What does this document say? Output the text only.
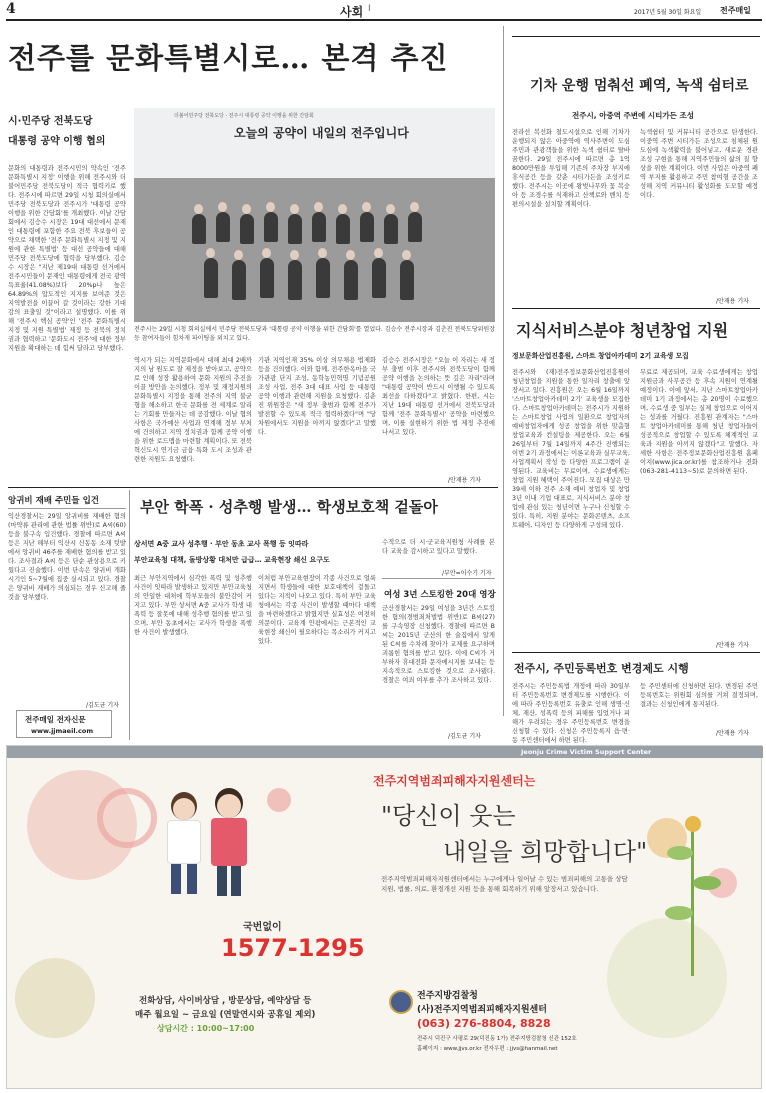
4	사회 I	2017년 5월 30일 화요일 전주매일
전주를 문화특별시로… 본격 추진
시·민주당 전북도당
대통령 공약 이행 협의
더불어민주당 전북도당 · 전주시 대통령 공약 이행을 위한 간담회
오늘의 공약이 내일의 전주입니다
전주시는 29일 시청 회의실에서 민주당 전북도당과 '대통령 공약 이행을 위한 간담회'를 열었다. 김승수 전주시장과 김춘진 전북도당위원장 등 참여자들이 힘차게 파이팅을 외치고 있다.
문화의 대통령과 전주시민의 약속인 '전주 문화특별시 지정' 이행을 위해 전주시와 더불어민주당 전북도당이 적극 협력키로 했다. 전주시에 따르면 29일 시청 회의실에서 민주당 전북도당과 전주시가 '대통령 공약 이행을 위한 간담회'를 개최했다. 이날 간담회에서 김승수 시장은 19대 대선에서 문재인 대통령에 포함한 주요 전북 후보들이 공약으로 채택한 '전주 문화특별시 지정 및 지원에 관한 특별법' 등 대선 공약들에 대해 민주당 전북도당에 협력을 당부했다. 김승수 시장은 "지난 제19대 대통령 선거에서 전주시민들이 문재인 대통령에게 전국 광역 득표율(41.08%)보다 20%p나 높은 64.89%의 압도적인 지지를 보여준 것은 지역발전을 이끌어 갈 것이라는 강한 기대감의 표출일 것"이라고 설명했다. 이를 위해 '전주시 핵심 공약'인 '전주 문화특별시 지정 및 지원 특별법' 제정 등 전북의 정치권과 협력하고 '문화도시 전주'에 대한 정부 지원을 확대하는 데 힘써 달라고 당부했다.
역시가 되는 지역문화에서 대해 최대 2배까지의 남 원도로 잘 제정을 받아보고, 공약으로 인해 성장 활용하여 문화 지원의 추진을 이끌 방안을 논의했다. 정부 및 재정지원의 문화특별시 지정을 통해 전주의 지역 불균형을 해소하고 한국 문화를 전 세계로 알리는 기회를 만들자는 데 공감했다. 이날 협의 사항은 국가예산 사업과 연계해 정부 부처에 건의하고 지역 정치권과 함께 공약 이행을 위한 로드맵을 마련할 계획이다. 또 전북혁신도시 연기금 금융 특화 도시 조성과 관련한 지원도 요청했다.
기관 지역인재 35% 이상 의무채용 법제화 등을 건의했다. 이와 함께, 전주한옥마을 국가관광 단지 조성, 동학농민혁명 기념공원 조성 사업, 전주 3대 대표 사업 등 대통령 공약 이행과 관련해 지원을 요청했다. 김춘진 위원장은 "새 정부 출범과 함께 전주가 발전할 수 있도록 적극 협력하겠다"며 "당 차원에서도 지원을 아끼지 않겠다"고 말했다.
김승수 전주시장은 "오늘 이 자리는 새 정부 출범 이후 전주시와 전북도당이 함께 공약 이행을 논의하는 뜻 깊은 자리"라며 "대통령 공약이 반드시 이행될 수 있도록 최선을 다하겠다"고 밝혔다. 한편, 시는 지난 19대 대통령 선거에서 전북도당과 함께 '전주 문화특별시' 공약을 마련했으며, 이를 실현하기 위한 법 제정 추진에 나서고 있다.
/안재용 기자
기차 운행 멈춰선 폐역, 녹색 쉼터로
전주시, 아중역 주변에 시티가든 조성
전라선 복선화 철도시설으로 인해 기차가 운행되지 않은 아중역에 역사주변이 도심 주민과 관광객들을 위한 녹색 쉼터로 탈바꿈한다. 29일 전주시에 따르면 총 1억 8000만원을 투입해 기존의 주차장 부지에 휴식공간 등을 갖춘 시티가든을 조성키로 했다. 전주시는 이곳에 왕벚나무와 꽃 복숭아 등 조경수를 식재하고 산책로와 벤치 등 편의시설을 설치할 계획이다.
녹색쉼터 및 커뮤니티 공간으로 탄생한다. 이중역 주변 시티가든 조성으로 침체된 원도심에 녹색활력을 불어넣고, 새로운 경관 조성 구현을 통해 지역주민들의 삶의 질 향상을 위한 계획이다. 이번 사업은 아중역 폐역 부지를 활용하고 주민 참여형 공간을 조성해 지역 커뮤니티 활성화를 도모할 예정이다.
/안재용 기자
지식서비스분야 청년창업 지원
정보문화산업진흥원, 스마트 창업아카데미 2기 교육생 모집
전주시와 (재)전주정보문화산업진흥원이 청년창업을 지원을 통한 일자리 창출에 앞장서고 있다. 진흥원은 오는 6월 16일까지 '스마트창업아카데미 2기' 교육생을 모집한다. 스마트창업아카데미는 전주시가 지원하는 스마트창업 사업의 일환으로 창업자의 예비창업자에게 성공 창업을 위한 맞춤형 창업교육과 컨설팅을 제공한다. 오는 6월 26일부터 7월 14일까지 4주간 진행되는 이번 2기 과정에서는 이론교육과 실무교육, 사업계획서 작성 등 다양한 프로그램이 운영된다. 교육비는 무료이며, 수료생에게는 창업 지원 혜택이 주어진다. 모집 대상은 만 39세 이하 전주 소재 예비 창업자 및 창업 3년 이내 기업 대표로, 지식서비스 분야 창업에 관심 있는 청년이면 누구나 신청할 수 있다. 특히, 지원 분야는 문화콘텐츠, 소프트웨어, 디자인 등 다양하게 구성돼 있다.
무료로 제공되며, 교육 수료생에게는 창업 지원금과 사무공간 등 후속 지원이 연계될 예정이다. 이에 앞서, 지난 스마트창업아카데미 1기 과정에서는 총 20명이 수료했으며, 수료생 중 일부는 실제 창업으로 이어지는 성과를 거뒀다. 진흥원 관계자는 "스마트 창업아카데미를 통해 청년 창업자들이 성공적으로 창업할 수 있도록 체계적인 교육과 지원을 아끼지 않겠다"고 말했다. 자세한 사항은 전주정보문화산업진흥원 홈페이지(www.jica.or.kr)를 참조하거나 전화(063-281-4113~5)로 문의하면 된다.
/안재용 기자
전주시, 주민등록번호 변경제도 시행
전주시는 주민등록법 개정에 따라 30일부터 주민등록번호 변경제도를 시행한다. 이에 따라 주민등록번호 유출로 인해 생명·신체, 재산, 성폭력 등의 피해를 입었거나 피해가 우려되는 경우 주민등록번호 변경을 신청할 수 있다. 신청은 주민등록지 읍·면·동 주민센터에서 하면 된다.
등 주민센터에 신청하면 된다. 변경된 주민등록번호는 위원회 심의를 거쳐 결정되며, 결과는 신청인에게 통지된다.
/안재용 기자
앙귀비 재배 주민들 입건
익산경찰서는 29일 앙귀비를 재배한 혐의(마약류 관리에 관한 법률 위반)로 A씨(60) 등을 불구속 입건했다. 경찰에 따르면 A씨 등은 지난 해부터 익산시 신동동 소재 텃밭에서 앙귀비 46주를 재배한 혐의를 받고 있다. 조사결과 A씨 등은 단순 관상용으로 키웠다고 진술했다. 이번 단속은 양귀비 개화 시기인 5~7월에 집중 실시되고 있다. 경찰은 양귀비 재배가 의심되는 경우 신고해 줄 것을 당부했다.
/김도균 기자
전주매일 전자신문
www.jjmaeil.com
부안 학폭 · 성추행 발생… 학생보호책 겉돌아
상서면 A중 교사 성추행 · 부안 동초 교사 폭행 등 잇따라
부안교육청 대책, 돌방상황 대처만 급급… 교육현장 쇄신 요구도
최근 부안지역에서 심각한 폭력 및 성추행 사건이 잇따라 발생하고 있지만 부안교육청의 안일한 대처에 학부모들의 불안감이 커지고 있다. 부안 상서면 A중 교사가 학생 내 폭력 등 잘못에 대해 성추행 혐의를 받고 있으며, 부안 동초에서는 교사가 학생을 폭행한 사건이 발생했다.
이처럼 부안교육현장이 각종 사건으로 얼룩지면서 학생들에 대한 보호대책이 겉돌고 있다는 지적이 나오고 있다. 특히 부안 교육청에서는 각종 사건이 발생할 때마다 대책을 마련하겠다고 밝혔지만 실효성은 여전히 의문이다. 교육계 안팎에서는 근본적인 교육현장 쇄신이 필요하다는 목소리가 커지고 있다.
수적으로 더 시·군교육지원청 사례를 본다 교육을 감시하고 있다고 말했다.
/부안=이수기 기자
여성 3년 스토킹한 20대 영장
군산경찰서는 29일 여성을 3년간 스토킹한 혐의(경범죄처벌법 위반)로 B씨(27)를 구속영장 신청했다. 경찰에 따르면 B씨는 2015년 군산의 한 술집에서 알게 된 C씨를 수차례 찾아가 교제를 요구하며 괴롭힌 혐의를 받고 있다. 이에 C씨가 거부하자 휴대전화 문자메시지를 보내는 등 지속적으로 스토킹한 것으로 조사됐다. 경찰은 여죄 여부를 추가 조사하고 있다.
/김도균 기자
Jeonju Crime Victim Support Center
전주지역범죄피해자지원센터는
"당신이 웃는
내일을 희망합니다"
전주지역범죄피해자지원센터에서는 누구에게나 일어날 수 있는 범죄피해의 고통을 상담지원, 법률, 의료, 환경개선 지원 등을 통해 회복하기 위해 앞장서고 있습니다.
국번없이
1577-1295
전화상담, 사이버상담 , 방문상담, 예약상담 등
매주 월요일 ~ 금요일 (연말연시와 공휴일 제외)
상담시간 : 10:00~17:00
전주지방검찰청
(사)전주지역범죄피해자지원센터
(063) 276-8804, 8828
전주시 덕진구 사평로 29(덕진동 1가) 전주지방검찰청 신관 152호
홈페이지 : www.jjvs.or.kr 전자우편 : jjvs@hanmail.net
